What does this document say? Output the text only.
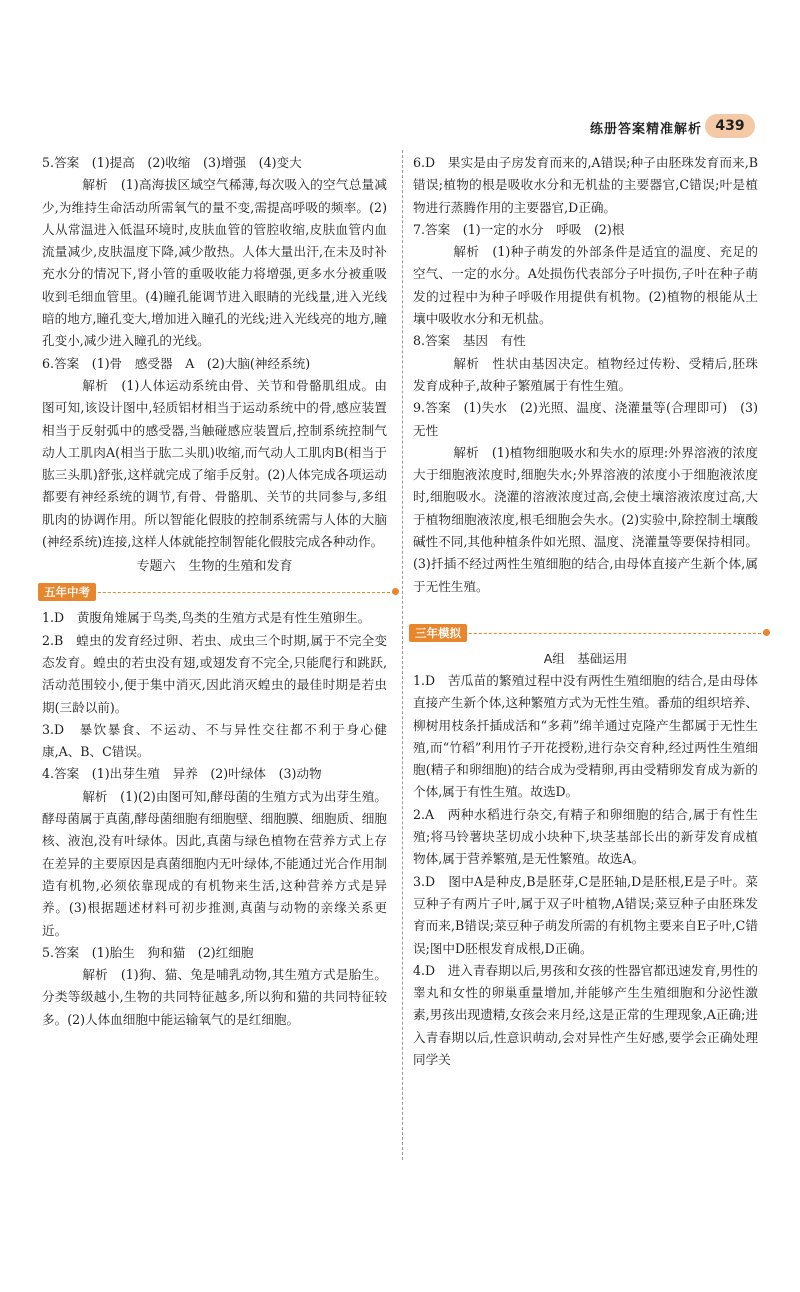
练册答案精准解析 439

5.答案　(1)提高　(2)收缩　(3)增强　(4)变大

解析　(1)高海拔区域空气稀薄,每次吸入的空气总量减少,为维持生命活动所需氧气的量不变,需提高呼吸的频率。(2)人从常温进入低温环境时,皮肤血管的管腔收缩,皮肤血管内血流量减少,皮肤温度下降,减少散热。人体大量出汗,在未及时补充水分的情况下,肾小管的重吸收能力将增强,更多水分被重吸收到毛细血管里。(4)瞳孔能调节进入眼睛的光线量,进入光线暗的地方,瞳孔变大,增加进入瞳孔的光线;进入光线亮的地方,瞳孔变小,减少进入瞳孔的光线。

6.答案　(1)骨　感受器　A　(2)大脑(神经系统)

解析　(1)人体运动系统由骨、关节和骨骼肌组成。由图可知,该设计图中,轻质铝材相当于运动系统中的骨,感应装置相当于反射弧中的感受器,当触碰感应装置后,控制系统控制气动人工肌肉A(相当于肱二头肌)收缩,而气动人工肌肉B(相当于肱三头肌)舒张,这样就完成了缩手反射。(2)人体完成各项运动都要有神经系统的调节,有骨、骨骼肌、关节的共同参与,多组肌肉的协调作用。所以智能化假肢的控制系统需与人体的大脑(神经系统)连接,这样人体就能控制智能化假肢完成各种动作。

专题六　生物的生殖和发育
五年中考

1.D　黄腹角雉属于鸟类,鸟类的生殖方式是有性生殖卵生。

2.B　蝗虫的发育经过卵、若虫、成虫三个时期,属于不完全变态发育。蝗虫的若虫没有翅,或翅发育不完全,只能爬行和跳跃,活动范围较小,便于集中消灭,因此消灭蝗虫的最佳时期是若虫期(三龄以前)。

3.D　暴饮暴食、不运动、不与异性交往都不利于身心健康,A、B、C错误。

4.答案　(1)出芽生殖　异养　(2)叶绿体　(3)动物

解析　(1)(2)由图可知,酵母菌的生殖方式为出芽生殖。酵母菌属于真菌,酵母菌细胞有细胞壁、细胞膜、细胞质、细胞核、液泡,没有叶绿体。因此,真菌与绿色植物在营养方式上存在差异的主要原因是真菌细胞内无叶绿体,不能通过光合作用制造有机物,必须依靠现成的有机物来生活,这种营养方式是异养。(3)根据题述材料可初步推测,真菌与动物的亲缘关系更近。

5.答案　(1)胎生　狗和猫　(2)红细胞

解析　(1)狗、猫、兔是哺乳动物,其生殖方式是胎生。分类等级越小,生物的共同特征越多,所以狗和猫的共同特征较多。(2)人体血细胞中能运输氧气的是红细胞。

6.D　果实是由子房发育而来的,A错误;种子由胚珠发育而来,B错误;植物的根是吸收水分和无机盐的主要器官,C错误;叶是植物进行蒸腾作用的主要器官,D正确。

7.答案　(1)一定的水分　呼吸　(2)根

解析　(1)种子萌发的外部条件是适宜的温度、充足的空气、一定的水分。A处损伤代表部分子叶损伤,子叶在种子萌发的过程中为种子呼吸作用提供有机物。(2)植物的根能从土壤中吸收水分和无机盐。

8.答案　基因　有性

解析　性状由基因决定。植物经过传粉、受精后,胚珠发育成种子,故种子繁殖属于有性生殖。

9.答案　(1)失水　(2)光照、温度、浇灌量等(合理即可)　(3)无性

解析　(1)植物细胞吸水和失水的原理:外界溶液的浓度大于细胞液浓度时,细胞失水;外界溶液的浓度小于细胞液浓度时,细胞吸水。浇灌的溶液浓度过高,会使土壤溶液浓度过高,大于植物细胞液浓度,根毛细胞会失水。(2)实验中,除控制土壤酸碱性不同,其他种植条件如光照、温度、浇灌量等要保持相同。(3)扦插不经过两性生殖细胞的结合,由母体直接产生新个体,属于无性生殖。

三年模拟
A组　基础运用

1.D　苦瓜苗的繁殖过程中没有两性生殖细胞的结合,是由母体直接产生新个体,这种繁殖方式为无性生殖。番茄的组织培养、柳树用枝条扦插成活和“多莉”绵羊通过克隆产生都属于无性生殖,而“竹稻”利用竹子开花授粉,进行杂交育种,经过两性生殖细胞(精子和卵细胞)的结合成为受精卵,再由受精卵发育成为新的个体,属于有性生殖。故选D。

2.A　两种水稻进行杂交,有精子和卵细胞的结合,属于有性生殖;将马铃薯块茎切成小块种下,块茎基部长出的新芽发育成植物体,属于营养繁殖,是无性繁殖。故选A。

3.D　图中A是种皮,B是胚芽,C是胚轴,D是胚根,E是子叶。菜豆种子有两片子叶,属于双子叶植物,A错误;菜豆种子由胚珠发育而来,B错误;菜豆种子萌发所需的有机物主要来自E子叶,C错误;图中D胚根发育成根,D正确。

4.D　进入青春期以后,男孩和女孩的性器官都迅速发育,男性的睾丸和女性的卵巢重量增加,并能够产生生殖细胞和分泌性激素,男孩出现遗精,女孩会来月经,这是正常的生理现象,A正确;进入青春期以后,性意识萌动,会对异性产生好感,要学会正确处理同学关
